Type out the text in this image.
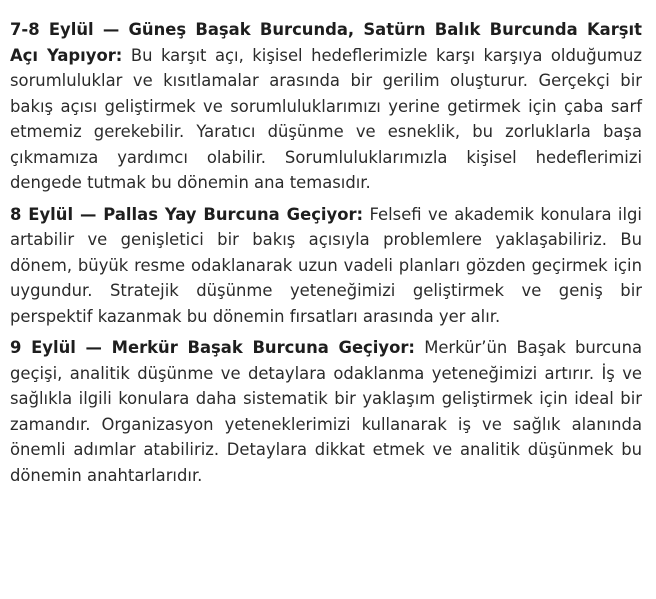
7-8 Eylül — Güneş Başak Burcunda, Satürn Balık Burcunda Karşıt Açı Yapıyor: Bu karşıt açı, kişisel hedeflerimizle karşı karşıya olduğumuz sorumluluklar ve kısıtlamalar arasında bir gerilim oluşturur. Gerçekçi bir bakış açısı geliştirmek ve sorumluluklarımızı yerine getirmek için çaba sarf etmemiz gerekebilir. Yaratıcı düşünme ve esneklik, bu zorluklarla başa çıkmamıza yardımcı olabilir. Sorumluluklarımızla kişisel hedeflerimizi dengede tutmak bu dönemin ana temasıdır.

8 Eylül — Pallas Yay Burcuna Geçiyor: Felsefi ve akademik konulara ilgi artabilir ve genişletici bir bakış açısıyla problemlere yaklaşabiliriz. Bu dönem, büyük resme odaklanarak uzun vadeli planları gözden geçirmek için uygundur. Stratejik düşünme yeteneğimizi geliştirmek ve geniş bir perspektif kazanmak bu dönemin fırsatları arasında yer alır.

9 Eylül — Merkür Başak Burcuna Geçiyor: Merkür’ün Başak burcuna geçişi, analitik düşünme ve detaylara odaklanma yeteneğimizi artırır. İş ve sağlıkla ilgili konulara daha sistematik bir yaklaşım geliştirmek için ideal bir zamandır. Organizasyon yeteneklerimizi kullanarak iş ve sağlık alanında önemli adımlar atabiliriz. Detaylara dikkat etmek ve analitik düşünmek bu dönemin anahtarlarıdır.
